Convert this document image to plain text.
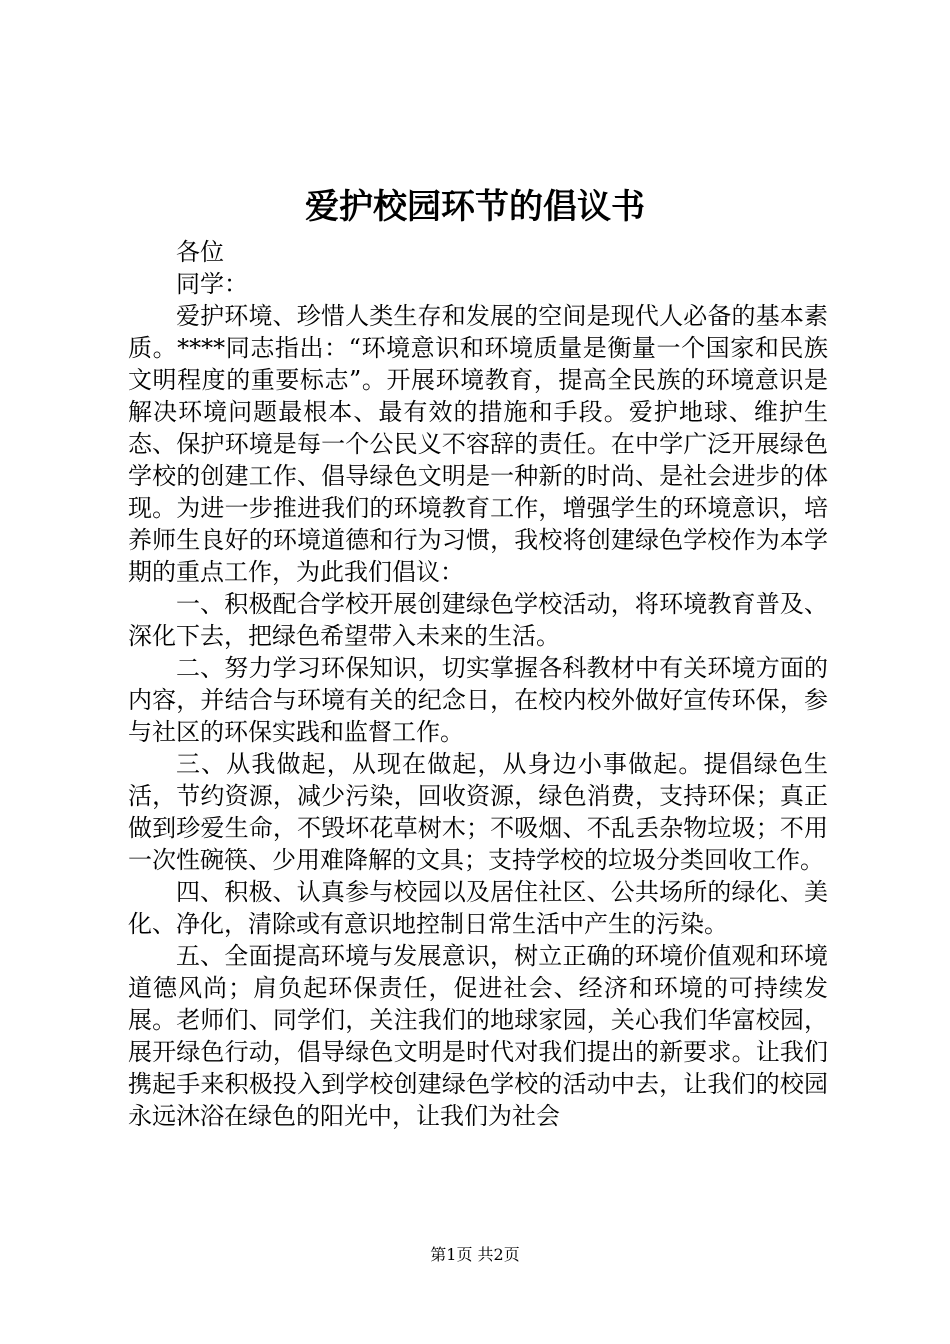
爱护校园环节的倡议书

各位

同学：

爱护环境、珍惜人类生存和发展的空间是现代人必备的基本素质。****同志指出：“环境意识和环境质量是衡量一个国家和民族文明程度的重要标志”。开展环境教育，提高全民族的环境意识是解决环境问题最根本、最有效的措施和手段。爱护地球、维护生态、保护环境是每一个公民义不容辞的责任。在中学广泛开展绿色学校的创建工作、倡导绿色文明是一种新的时尚、是社会进步的体现。为进一步推进我们的环境教育工作，增强学生的环境意识，培养师生良好的环境道德和行为习惯，我校将创建绿色学校作为本学期的重点工作，为此我们倡议：

一、积极配合学校开展创建绿色学校活动，将环境教育普及、深化下去，把绿色希望带入未来的生活。

二、努力学习环保知识，切实掌握各科教材中有关环境方面的内容，并结合与环境有关的纪念日，在校内校外做好宣传环保，参与社区的环保实践和监督工作。

三、从我做起，从现在做起，从身边小事做起。提倡绿色生活，节约资源，减少污染，回收资源，绿色消费，支持环保；真正做到珍爱生命，不毁坏花草树木；不吸烟、不乱丢杂物垃圾；不用一次性碗筷、少用难降解的文具；支持学校的垃圾分类回收工作。

四、积极、认真参与校园以及居住社区、公共场所的绿化、美化、净化，清除或有意识地控制日常生活中产生的污染。

五、全面提高环境与发展意识，树立正确的环境价值观和环境道德风尚；肩负起环保责任，促进社会、经济和环境的可持续发展。老师们、同学们，关注我们的地球家园，关心我们华富校园，展开绿色行动，倡导绿色文明是时代对我们提出的新要求。让我们携起手来积极投入到学校创建绿色学校的活动中去，让我们的校园永远沐浴在绿色的阳光中，让我们为社会

第1页 共2页
